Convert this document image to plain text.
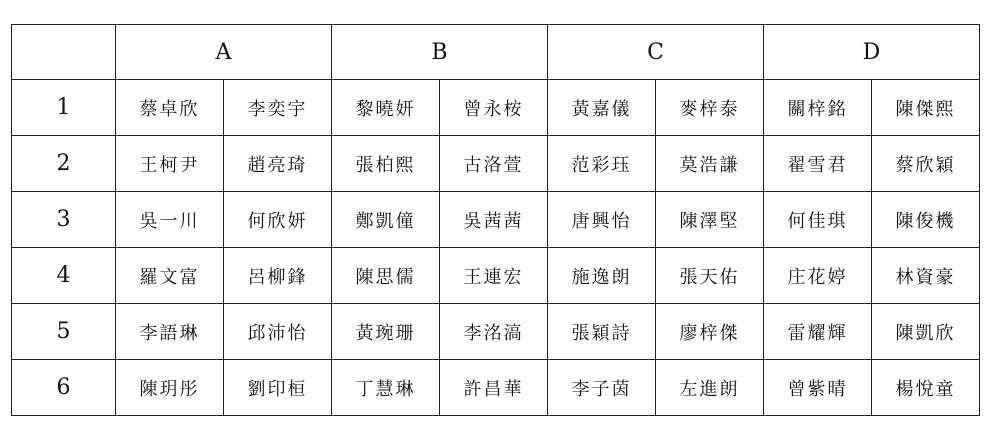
	A		B		C		D	
1	蔡卓欣	李奕宇	黎曉妍	曾永桉	黃嘉儀	麥梓泰	關梓銘	陳傑熙
2	王柯尹	趙亮琦	張柏熙	古洛萱	范彩珏	莫浩謙	翟雪君	蔡欣穎
3	吳一川	何欣妍	鄭凱僮	吳茜茜	唐興怡	陳澤堅	何佳琪	陳俊機
4	羅文富	呂柳鋒	陳思儒	王連宏	施逸朗	張天佑	庄花婷	林資豪
5	李語琳	邱沛怡	黃琬珊	李洺滈	張穎詩	廖梓傑	雷耀輝	陳凱欣
6	陳玥彤	劉印桓	丁慧琳	許昌華	李子茵	左進朗	曾紫晴	楊悅童
